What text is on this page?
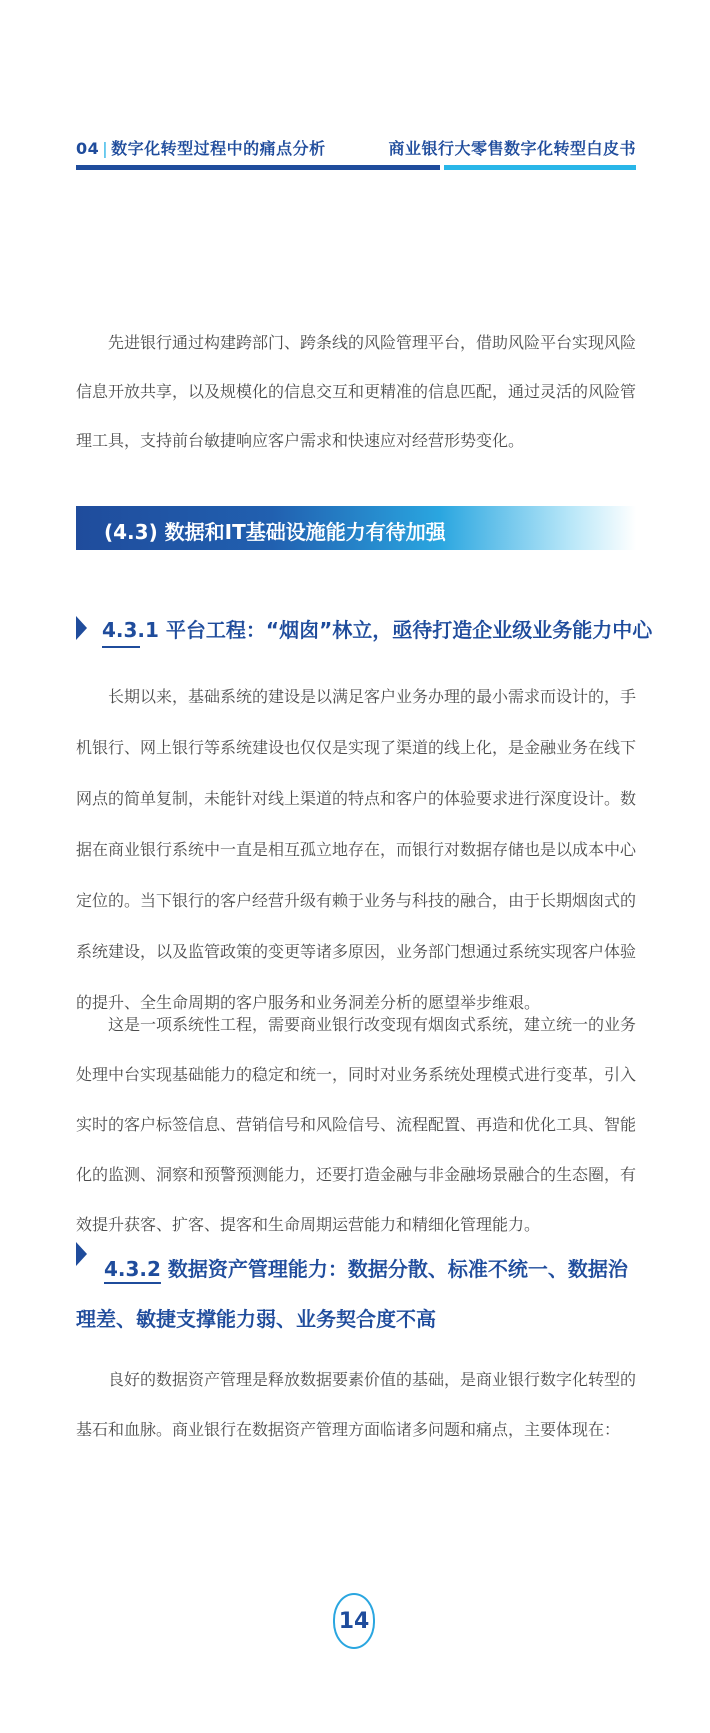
04 | 数字化转型过程中的痛点分析	商业银行大零售数字化转型白皮书
先进银行通过构建跨部门、跨条线的风险管理平台，借助风险平台实现风险信息开放共享，以及规模化的信息交互和更精准的信息匹配，通过灵活的风险管理工具，支持前台敏捷响应客户需求和快速应对经营形势变化。
(4.3) 数据和IT基础设施能力有待加强
4.3.1 平台工程：“烟囱”林立，亟待打造企业级业务能力中心
长期以来，基础系统的建设是以满足客户业务办理的最小需求而设计的，手机银行、网上银行等系统建设也仅仅是实现了渠道的线上化，是金融业务在线下网点的简单复制，未能针对线上渠道的特点和客户的体验要求进行深度设计。数据在商业银行系统中一直是相互孤立地存在，而银行对数据存储也是以成本中心定位的。当下银行的客户经营升级有赖于业务与科技的融合，由于长期烟囱式的系统建设，以及监管政策的变更等诸多原因，业务部门想通过系统实现客户体验的提升、全生命周期的客户服务和业务洞差分析的愿望举步维艰。
这是一项系统性工程，需要商业银行改变现有烟囱式系统，建立统一的业务处理中台实现基础能力的稳定和统一，同时对业务系统处理模式进行变革，引入实时的客户标签信息、营销信号和风险信号、流程配置、再造和优化工具、智能化的监测、洞察和预警预测能力，还要打造金融与非金融场景融合的生态圈，有效提升获客、扩客、提客和生命周期运营能力和精细化管理能力。
4.3.2 数据资产管理能力：数据分散、标准不统一、数据治理差、敏捷支撑能力弱、业务契合度不高
良好的数据资产管理是释放数据要素价值的基础，是商业银行数字化转型的基石和血脉。商业银行在数据资产管理方面临诸多问题和痛点，主要体现在：
14
